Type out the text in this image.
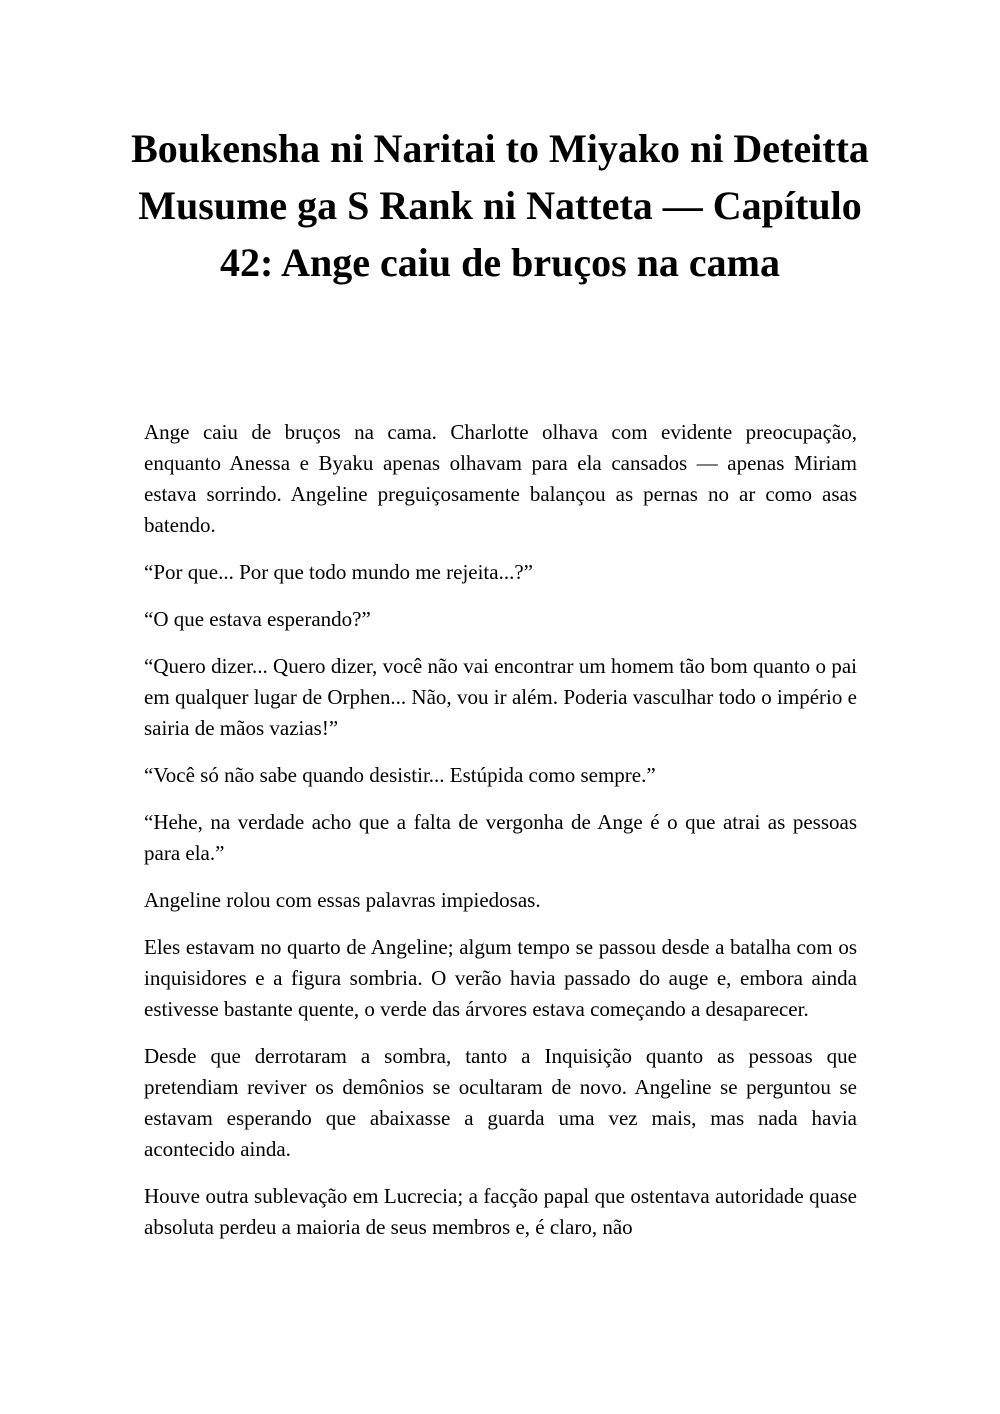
Boukensha ni Naritai to Miyako ni Deteitta Musume ga S Rank ni Natteta — Capítulo 42: Ange caiu de bruços na cama

Ange caiu de bruços na cama. Charlotte olhava com evidente preocupação, enquanto Anessa e Byaku apenas olhavam para ela cansados — apenas Miriam estava sorrindo. Angeline preguiçosamente balançou as pernas no ar como asas batendo.

“Por que... Por que todo mundo me rejeita...?”

“O que estava esperando?”

“Quero dizer... Quero dizer, você não vai encontrar um homem tão bom quanto o pai em qualquer lugar de Orphen... Não, vou ir além. Poderia vasculhar todo o império e sairia de mãos vazias!”

“Você só não sabe quando desistir... Estúpida como sempre.”

“Hehe, na verdade acho que a falta de vergonha de Ange é o que atrai as pessoas para ela.”

Angeline rolou com essas palavras impiedosas.

Eles estavam no quarto de Angeline; algum tempo se passou desde a batalha com os inquisidores e a figura sombria. O verão havia passado do auge e, embora ainda estivesse bastante quente, o verde das árvores estava começando a desaparecer.

Desde que derrotaram a sombra, tanto a Inquisição quanto as pessoas que pretendiam reviver os demônios se ocultaram de novo. Angeline se perguntou se estavam esperando que abaixasse a guarda uma vez mais, mas nada havia acontecido ainda.

Houve outra sublevação em Lucrecia; a facção papal que ostentava autoridade quase absoluta perdeu a maioria de seus membros e, é claro, não
